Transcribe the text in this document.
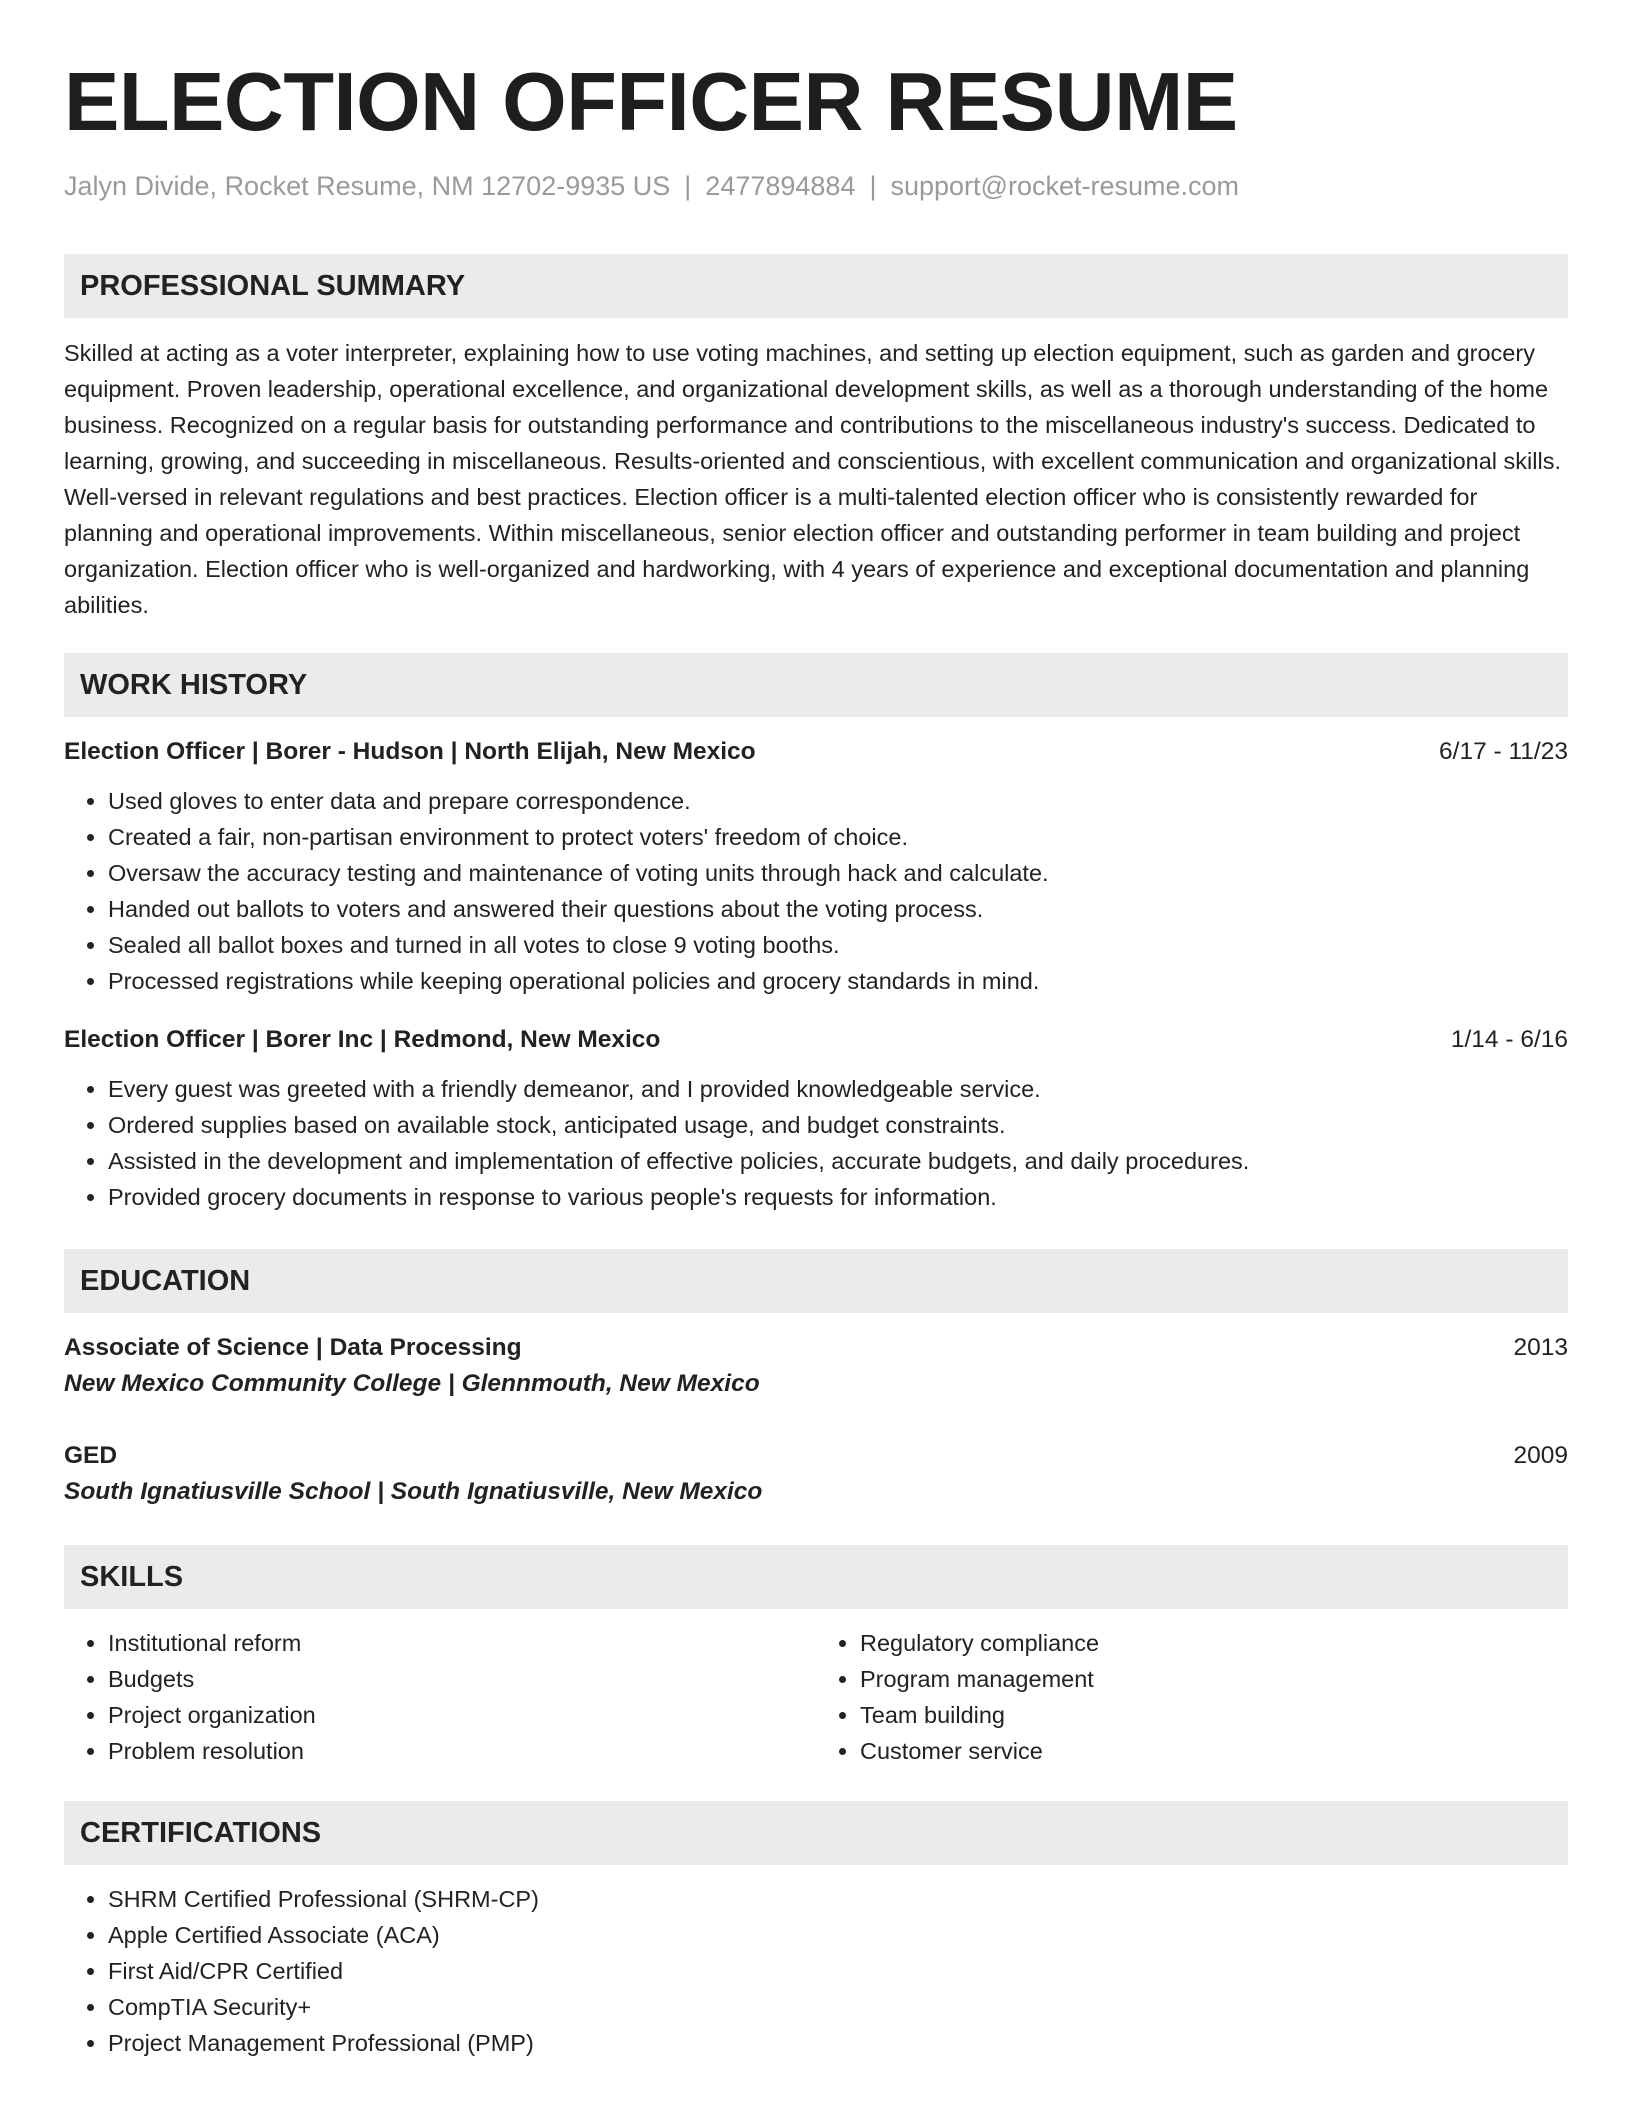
ELECTION OFFICER RESUME
Jalyn Divide, Rocket Resume, NM 12702-9935 US | 2477894884 | support@rocket-resume.com
PROFESSIONAL SUMMARY

Skilled at acting as a voter interpreter, explaining how to use voting machines, and setting up election equipment, such as garden and grocery equipment. Proven leadership, operational excellence, and organizational development skills, as well as a thorough understanding of the home business. Recognized on a regular basis for outstanding performance and contributions to the miscellaneous industry's success. Dedicated to learning, growing, and succeeding in miscellaneous. Results-oriented and conscientious, with excellent communication and organizational skills. Well-versed in relevant regulations and best practices. Election officer is a multi-talented election officer who is consistently rewarded for planning and operational improvements. Within miscellaneous, senior election officer and outstanding performer in team building and project organization. Election officer who is well-organized and hardworking, with 4 years of experience and exceptional documentation and planning abilities.

WORK HISTORY
Election Officer | Borer - Hudson | North Elijah, New Mexico	6/17 - 11/23
• Used gloves to enter data and prepare correspondence.
• Created a fair, non-partisan environment to protect voters' freedom of choice.
• Oversaw the accuracy testing and maintenance of voting units through hack and calculate.
• Handed out ballots to voters and answered their questions about the voting process.
• Sealed all ballot boxes and turned in all votes to close 9 voting booths.
• Processed registrations while keeping operational policies and grocery standards in mind.
Election Officer | Borer Inc | Redmond, New Mexico	1/14 - 6/16
• Every guest was greeted with a friendly demeanor, and I provided knowledgeable service.
• Ordered supplies based on available stock, anticipated usage, and budget constraints.
• Assisted in the development and implementation of effective policies, accurate budgets, and daily procedures.
• Provided grocery documents in response to various people's requests for information.
EDUCATION
Associate of Science | Data Processing	2013
New Mexico Community College | Glennmouth, New Mexico
GED	2009
South Ignatiusville School | South Ignatiusville, New Mexico
SKILLS
• Institutional reform
• Budgets
• Project organization
• Problem resolution
• Regulatory compliance
• Program management
• Team building
• Customer service
CERTIFICATIONS
• SHRM Certified Professional (SHRM-CP)
• Apple Certified Associate (ACA)
• First Aid/CPR Certified
• CompTIA Security+
• Project Management Professional (PMP)
